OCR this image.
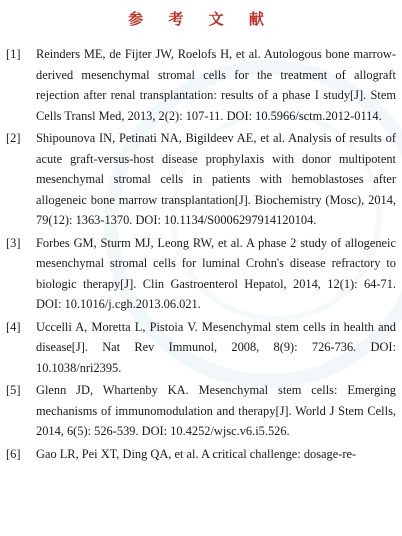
参 考 文 献
[1]	Reinders ME, de Fijter JW, Roelofs H, et al. Autologous bone marrow-derived mesenchymal stromal cells for the treatment of allograft rejection after renal transplantation: results of a phase I study[J]. Stem Cells Transl Med, 2013, 2(2): 107-11. DOI: 10.5966/sctm.2012-0114.
[2]	Shipounova IN, Petinati NA, Bigildeev AE, et al. Analysis of results of acute graft-versus-host disease prophylaxis with donor multipotent mesenchymal stromal cells in patients with hemoblastoses after allogeneic bone marrow transplantation[J]. Biochemistry (Mosc), 2014, 79(12): 1363-1370. DOI: 10.1134/S0006297914120104.
[3]	Forbes GM, Sturm MJ, Leong RW, et al. A phase 2 study of allogeneic mesenchymal stromal cells for luminal Crohn's disease refractory to biologic therapy[J]. Clin Gastroenterol Hepatol, 2014, 12(1): 64-71. DOI: 10.1016/j.cgh.2013.06.021.
[4]	Uccelli A, Moretta L, Pistoia V. Mesenchymal stem cells in health and disease[J]. Nat Rev Immunol, 2008, 8(9): 726-736. DOI: 10.1038/nri2395.
[5]	Glenn JD, Whartenby KA. Mesenchymal stem cells: Emerging mechanisms of immunomodulation and therapy[J]. World J Stem Cells, 2014, 6(5): 526-539. DOI: 10.4252/wjsc.v6.i5.526.
[6]	Gao LR, Pei XT, Ding QA, et al. A critical challenge: dosage-re-
